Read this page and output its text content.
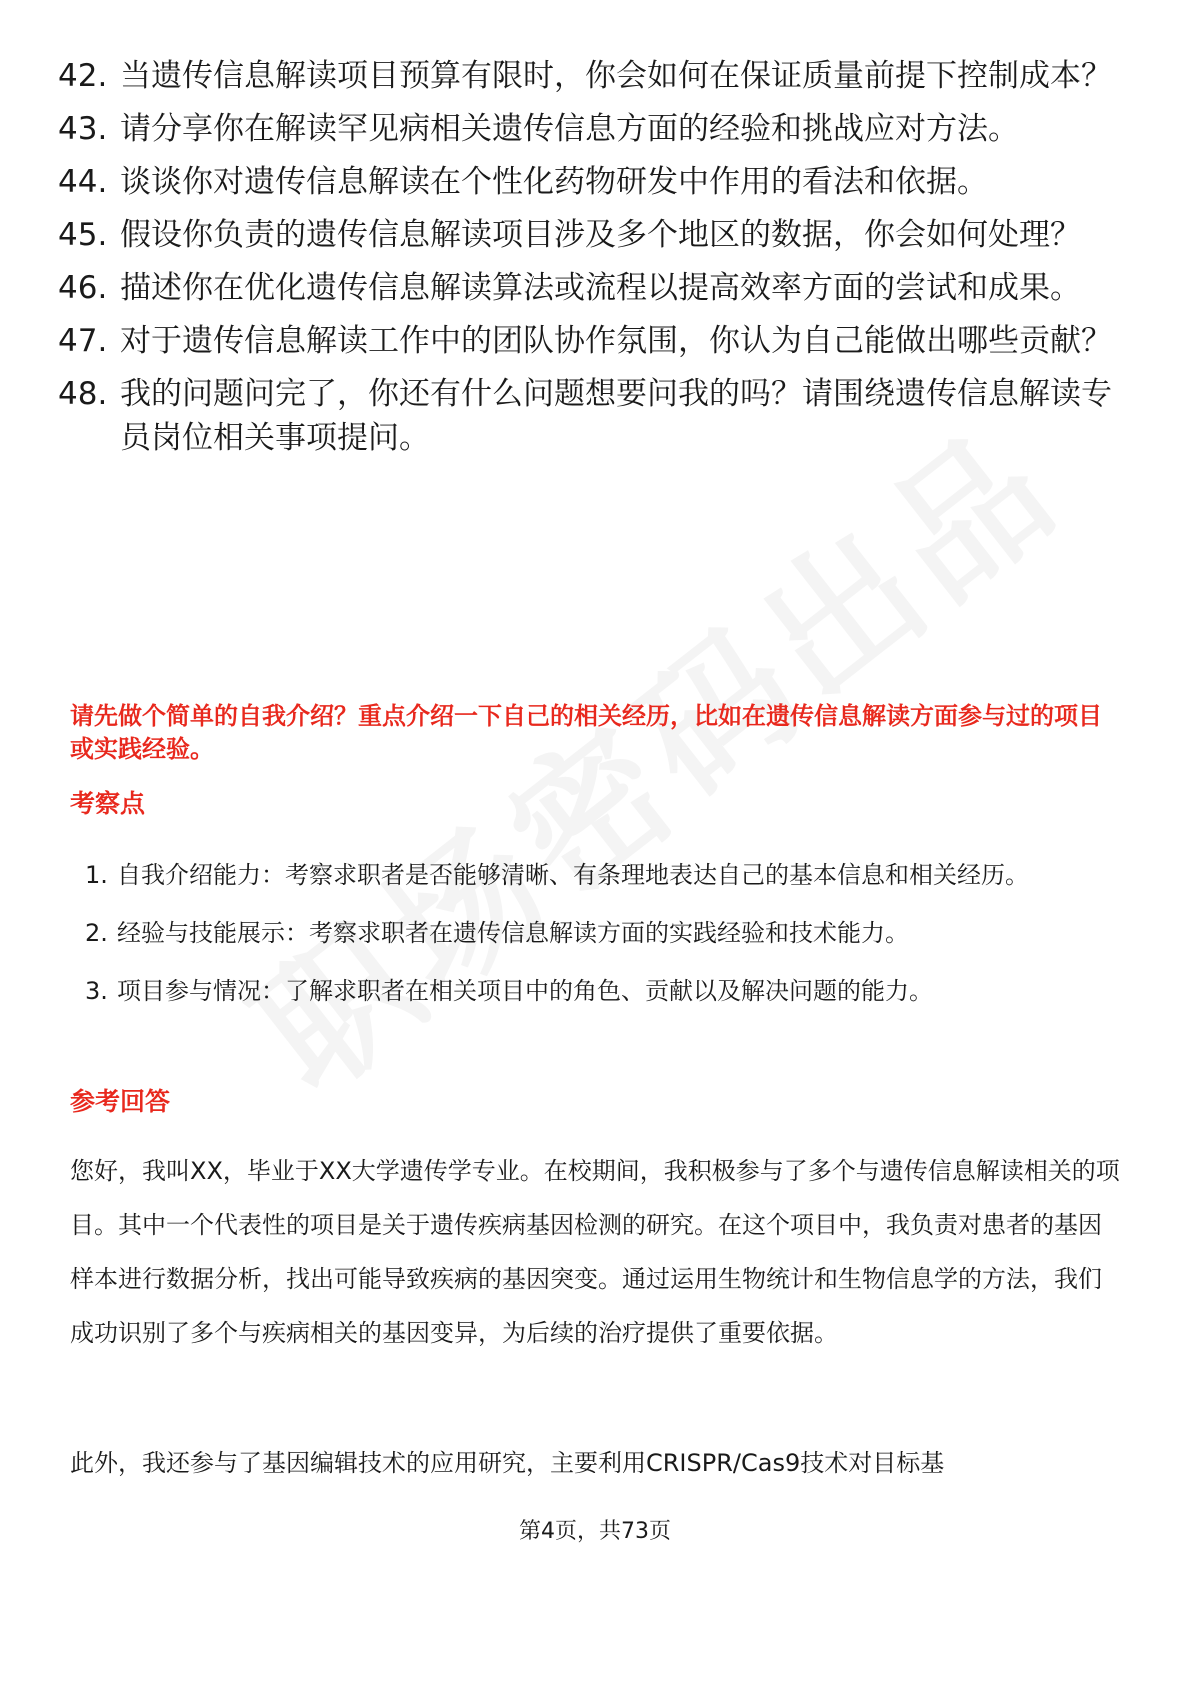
42. 当遗传信息解读项目预算有限时，你会如何在保证质量前提下控制成本？
43. 请分享你在解读罕见病相关遗传信息方面的经验和挑战应对方法。
44. 谈谈你对遗传信息解读在个性化药物研发中作用的看法和依据。
45. 假设你负责的遗传信息解读项目涉及多个地区的数据，你会如何处理？
46. 描述你在优化遗传信息解读算法或流程以提高效率方面的尝试和成果。
47. 对于遗传信息解读工作中的团队协作氛围，你认为自己能做出哪些贡献？
48. 我的问题问完了，你还有什么问题想要问我的吗？请围绕遗传信息解读专员岗位相关事项提问。

请先做个简单的自我介绍？重点介绍一下自己的相关经历，比如在遗传信息解读方面参与过的项目或实践经验。

考察点
1. 自我介绍能力：考察求职者是否能够清晰、有条理地表达自己的基本信息和相关经历。
2. 经验与技能展示：考察求职者在遗传信息解读方面的实践经验和技术能力。
3. 项目参与情况：了解求职者在相关项目中的角色、贡献以及解决问题的能力。
参考回答

您好，我叫XX，毕业于XX大学遗传学专业。在校期间，我积极参与了多个与遗传信息解读相关的项目。其中一个代表性的项目是关于遗传疾病基因检测的研究。在这个项目中，我负责对患者的基因样本进行数据分析，找出可能导致疾病的基因突变。通过运用生物统计和生物信息学的方法，我们成功识别了多个与疾病相关的基因变异，为后续的治疗提供了重要依据。

此外，我还参与了基因编辑技术的应用研究，主要利用CRISPR/Cas9技术对目标基

第4页，共73页
